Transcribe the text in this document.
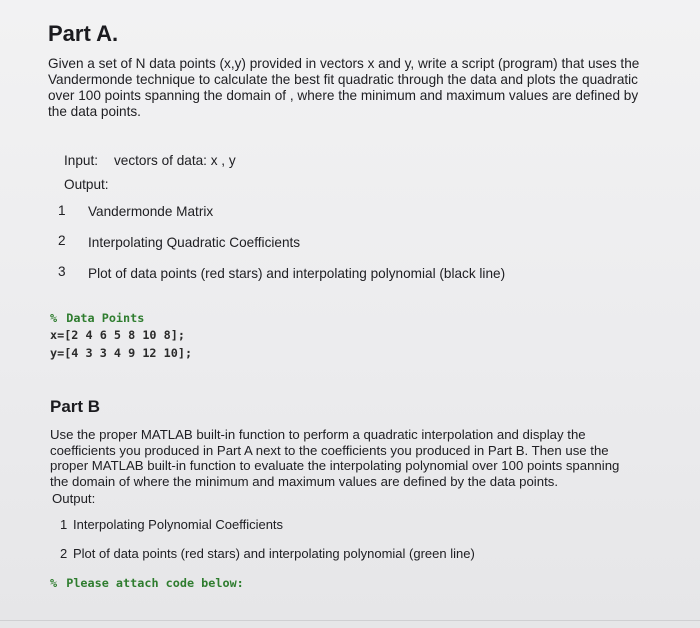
Part A.
Given a set of N data points (x,y) provided in vectors x and y, write a script (program) that uses the
Vandermonde technique to calculate the best fit quadratic through the data and plots the quadratic
over 100 points spanning the domain of , where the minimum and maximum values are defined by
the data points.
Input: vectors of data: x , y
Output:
1 Vandermonde Matrix
2 Interpolating Quadratic Coefficients
3 Plot of data points (red stars) and interpolating polynomial (black line)
% Data Points
x=[2 4 6 5 8 10 8];
y=[4 3 3 4 9 12 10];
Part B
Use the proper MATLAB built-in function to perform a quadratic interpolation and display the
coefficients you produced in Part A next to the coefficients you produced in Part B. Then use the
proper MATLAB built-in function to evaluate the interpolating polynomial over 100 points spanning
the domain of where the minimum and maximum values are defined by the data points.
Output:
1 Interpolating Polynomial Coefficients
2 Plot of data points (red stars) and interpolating polynomial (green line)
% Please attach code below:
